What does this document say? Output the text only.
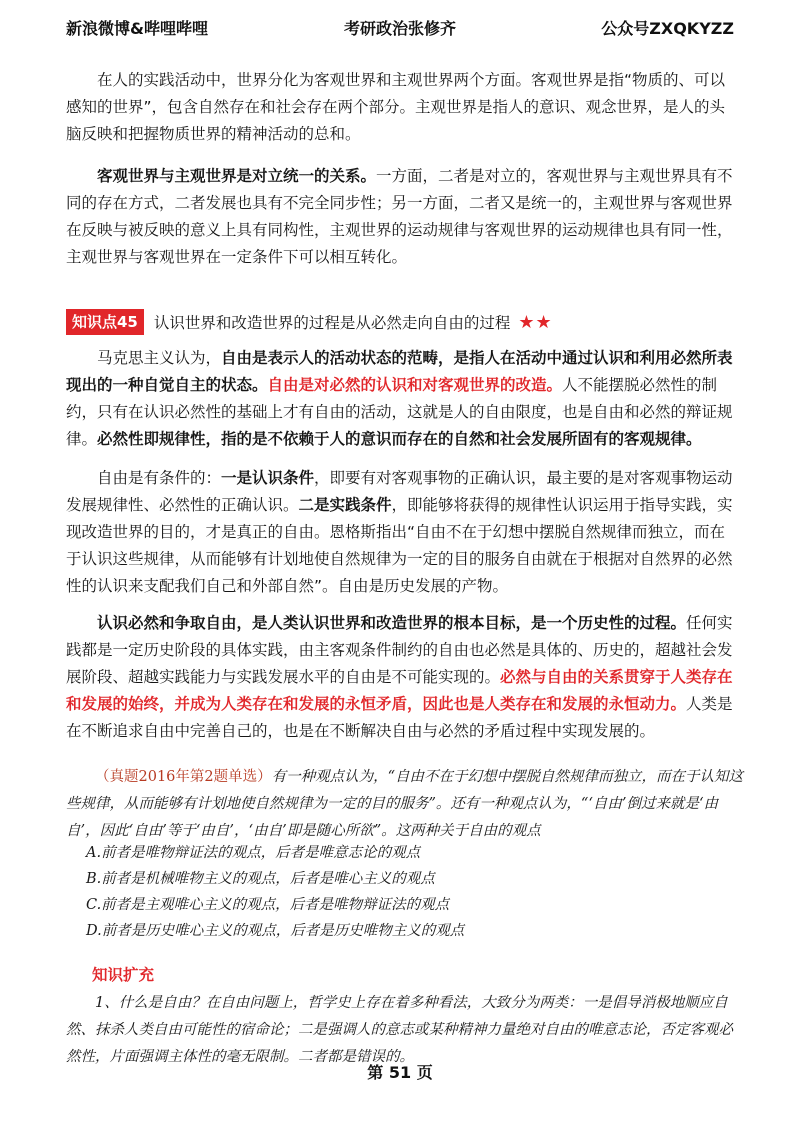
新浪微博&哔哩哔哩	考研政治张修齐	公众号ZXQKYZZ

在人的实践活动中，世界分化为客观世界和主观世界两个方面。客观世界是指“物质的、可以感知的世界”，包含自然存在和社会存在两个部分。主观世界是指人的意识、观念世界，是人的头脑反映和把握物质世界的精神活动的总和。

客观世界与主观世界是对立统一的关系。一方面，二者是对立的，客观世界与主观世界具有不同的存在方式，二者发展也具有不完全同步性；另一方面，二者又是统一的，主观世界与客观世界在反映与被反映的意义上具有同构性，主观世界的运动规律与客观世界的运动规律也具有同一性，主观世界与客观世界在一定条件下可以相互转化。

知识点45	认识世界和改造世界的过程是从必然走向自由的过程 ★★

马克思主义认为，自由是表示人的活动状态的范畴，是指人在活动中通过认识和利用必然所表现出的一种自觉自主的状态。自由是对必然的认识和对客观世界的改造。人不能摆脱必然性的制约，只有在认识必然性的基础上才有自由的活动，这就是人的自由限度，也是自由和必然的辩证规律。必然性即规律性，指的是不依赖于人的意识而存在的自然和社会发展所固有的客观规律。

自由是有条件的：一是认识条件，即要有对客观事物的正确认识，最主要的是对客观事物运动发展规律性、必然性的正确认识。二是实践条件，即能够将获得的规律性认识运用于指导实践，实现改造世界的目的，才是真正的自由。恩格斯指出“自由不在于幻想中摆脱自然规律而独立，而在于认识这些规律，从而能够有计划地使自然规律为一定的目的服务自由就在于根据对自然界的必然性的认识来支配我们自己和外部自然”。自由是历史发展的产物。

认识必然和争取自由，是人类认识世界和改造世界的根本目标，是一个历史性的过程。任何实践都是一定历史阶段的具体实践，由主客观条件制约的自由也必然是具体的、历史的，超越社会发展阶段、超越实践能力与实践发展水平的自由是不可能实现的。必然与自由的关系贯穿于人类存在和发展的始终，并成为人类存在和发展的永恒矛盾，因此也是人类存在和发展的永恒动力。人类是在不断追求自由中完善自己的，也是在不断解决自由与必然的矛盾过程中实现发展的。

（真题2016年第2题单选）有一种观点认为，“自由不在于幻想中摆脱自然规律而独立，而在于认知这些规律，从而能够有计划地使自然规律为一定的目的服务”。还有一种观点认为，“‘自由’倒过来就是‘由自’，因此‘自由’等于‘由自’，‘由自’即是随心所欲”。这两种关于自由的观点

A.前者是唯物辩证法的观点，后者是唯意志论的观点

B.前者是机械唯物主义的观点，后者是唯心主义的观点

C.前者是主观唯心主义的观点，后者是唯物辩证法的观点

D.前者是历史唯心主义的观点，后者是历史唯物主义的观点

知识扩充

1、什么是自由？在自由问题上，哲学史上存在着多种看法，大致分为两类：一是倡导消极地顺应自然、抹杀人类自由可能性的宿命论；二是强调人的意志或某种精神力量绝对自由的唯意志论，否定客观必然性，片面强调主体性的毫无限制。二者都是错误的。

第 51 页
